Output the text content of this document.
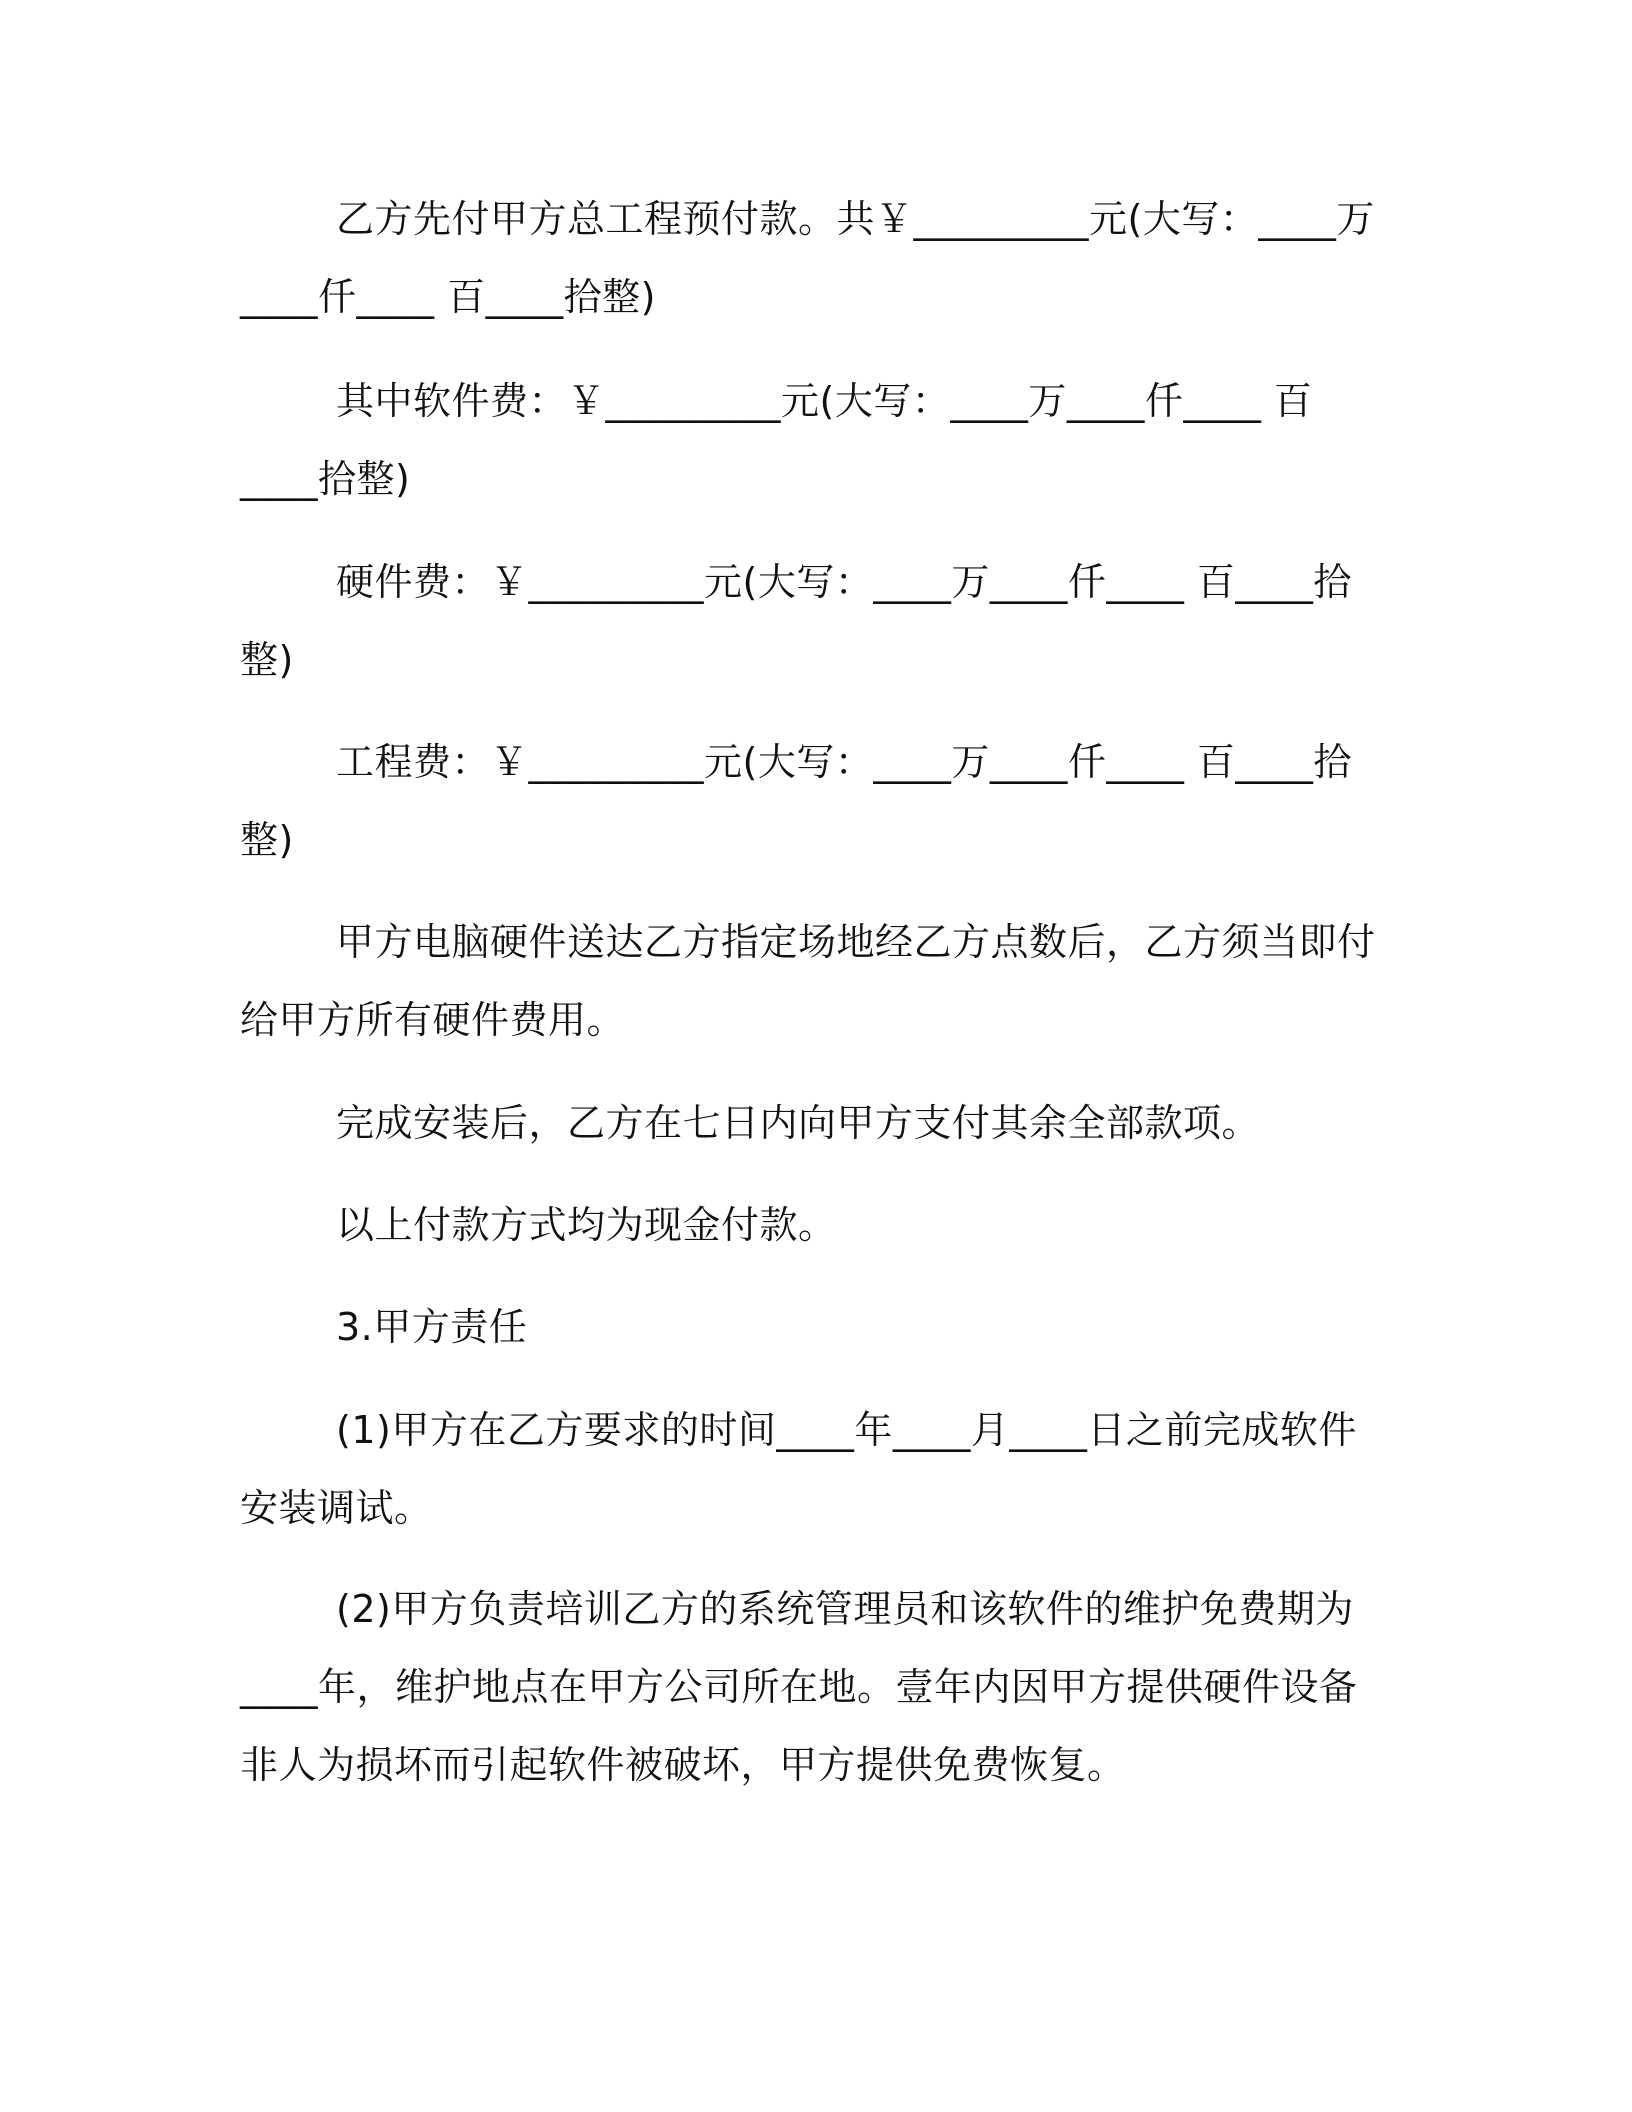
乙方先付甲方总工程预付款。共￥_________元(大写：____万____仟____ 百____拾整)

其中软件费：￥_________元(大写：____万____仟____ 百____拾整)

硬件费：￥_________元(大写：____万____仟____ 百____拾整)

工程费：￥_________元(大写：____万____仟____ 百____拾整)

甲方电脑硬件送达乙方指定场地经乙方点数后，乙方须当即付给甲方所有硬件费用。

完成安装后，乙方在七日内向甲方支付其余全部款项。

以上付款方式均为现金付款。

3.甲方责任

(1)甲方在乙方要求的时间____年____月____日之前完成软件安装调试。

(2)甲方负责培训乙方的系统管理员和该软件的维护免费期为____年，维护地点在甲方公司所在地。壹年内因甲方提供硬件设备非人为损坏而引起软件被破坏，甲方提供免费恢复。
